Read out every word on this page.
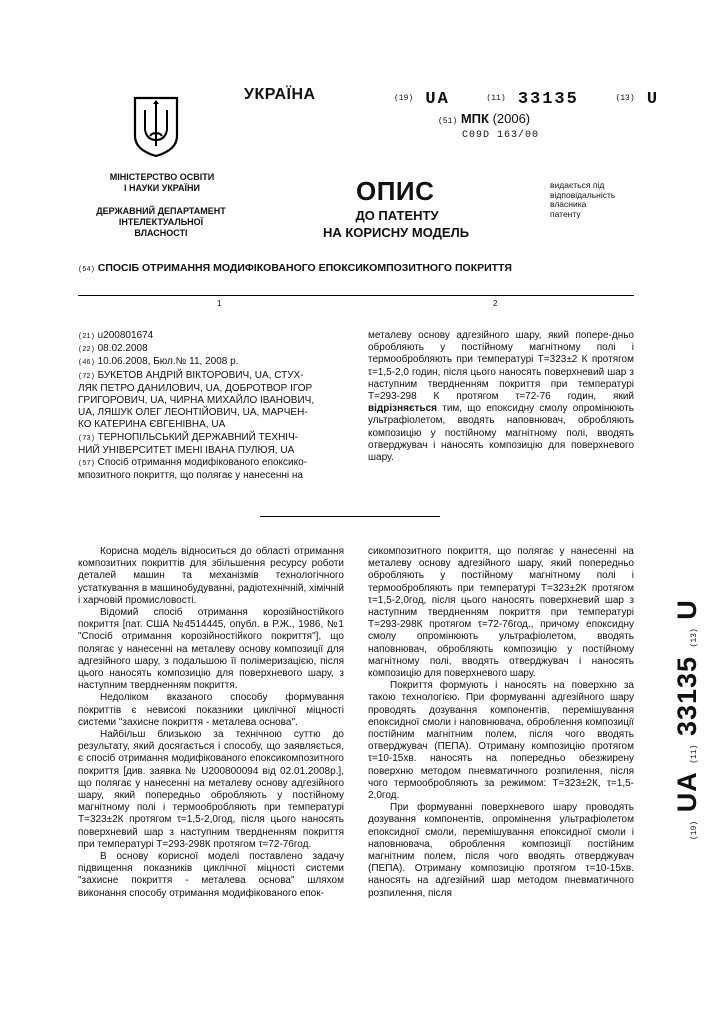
МІНІСТЕРСТВО ОСВІТИ
І НАУКИ УКРАЇНИ
ДЕРЖАВНИЙ ДЕПАРТАМЕНТ
ІНТЕЛЕКТУАЛЬНОЇ
ВЛАСНОСТІ
УКРАЇНА	(19) UA	(11) 33135	(13) U
(51) МПК (2006)
C09D 163/00
ОПИС
ДО ПАТЕНТУ
НА КОРИСНУ МОДЕЛЬ
видається під
відповідальність
власника
патенту
(54) СПОСІБ ОТРИМАННЯ МОДИФІКОВАНОГО ЕПОКСИКОМПОЗИТНОГО ПОКРИТТЯ
1	2
(21) u200801674
(22) 08.02.2008
(46) 10.06.2008, Бюл.№ 11, 2008 р.
(72) БУКЕТОВ АНДРІЙ ВІКТОРОВИЧ, UA, СТУХ-
ЛЯК ПЕТРО ДАНИЛОВИЧ, UA, ДОБРОТВОР ІГОР
ГРИГОРОВИЧ, UA, ЧИРНА МИХАЙЛО ІВАНОВИЧ,
UA, ЛЯШУК ОЛЕГ ЛЕОНТІЙОВИЧ, UA, МАРЧЕН-
КО КАТЕРИНА ЄВГЕНІВНА, UA
(73) ТЕРНОПІЛЬСЬКИЙ ДЕРЖАВНИЙ ТЕХНІЧ-
НИЙ УНІВЕРСИТЕТ ІМЕНІ ІВАНА ПУЛЮЯ, UA
(57) Спосіб отримання модифікованого епоксико-
мпозитного покриття, що полягає у нанесенні на
металеву основу адгезійного шару, який попере-дньо обробляють у постійному магнітному полі і термообробляють при температурі Т=323±2 К протягом τ=1,5-2,0 годин, після цього наносять поверхневий шар з наступним твердненням покриття при температурі Т=293-298 К протягом τ=72-76 годин, який відрізняється тим, що епоксидну смолу опромінюють ультрафіолетом, вводять наповнювач, обробляють композицію у постійному магнітному полі, вводять отверджувач і наносять композицію для поверхневого шару.

Корисна модель відноситься до області отримання композитних покриттів для збільшення ресурсу роботи деталей машин та механізмів технологічного устаткування в машинобудуванні, радіотехнічній, хімічній і харчовій промисловості.

Відомий спосіб отримання корозійностійкого покриття [пат. США №4514445, опубл. в Р.Ж., 1986, №1 "Спосіб отримання корозійностійкого покриття"], що полягає у нанесенні на металеву основу композиції для адгезійного шару, з подальшою її полімеризацією, після цього наносять композицію для поверхневого шару, з наступним твердненням покриття.

Недоліком вказаного способу формування покриттів є невисокі показники циклічної міцності системи "захисне покриття - металева основа".

Найбільш близькою за технічною суттю до результату, який досягається і способу, що заявляється, є спосіб отримання модифікованого епоксикомпозитного покриття [див. заявка № U200800094 від 02.01.2008р.], що полягає у нанесенні на металеву основу адгезійного шару, який попередньо обробляють у постійному магнітному полі і термообробляють при температурі Т=323±2К протягом τ=1,5-2,0год, після цього наносять поверхневий шар з наступним твердненням покриття при температурі Т=293-298К протягом τ=72-76год.

В основу корисної моделі поставлено задачу підвищення показників циклічної міцності системи "захисне покриття - металева основа" шляхом виконання способу отримання модифікованого епок-

сикомпозитного покриття, що полягає у нанесенні на металеву основу адгезійного шару, який попередньо обробляють у постійному магнітному полі і термообробляють при температурі Т=323±2К протягом τ=1,5-2,0год, після цього наносять поверхневий шар з наступним твердненням покриття при температурі Т=293-298К протягом τ=72-76год., причому епоксидну смолу опромінюють ультрафіолетом, вводять наповнювач, обробляють композицію у постійному магнітному полі, вводять отверджувач і наносять композицію для поверхневого шару.

Покриття формують і наносять на поверхню за такою технологією. При формуванні адгезійного шару проводять дозування компонентів, перемішування епоксидної смоли і наповнювача, оброблення композиції постійним магнітним полем, після чого вводять отверджувач (ПЕПА). Отриману композицію протягом τ=10-15хв. наносять на попередньо обезжирену поверхню методом пневматичного розпилення, після чого термообробляють за режимом: Т=323±2К, τ=1,5-2,0год.

При формуванні поверхневого шару проводять дозування компонентів, опромінення ультрафіолетом епоксидної смоли, перемішування епоксидної смоли і наповнювача, оброблення композиції постійним магнітним полем, після чого вводять отверджувач (ПЕПА). Отриману композицію протягом τ=10-15хв. наносять на адгезійний шар методом пневматичного розпилення, після

(19) UA (11) 33135 (13) U
